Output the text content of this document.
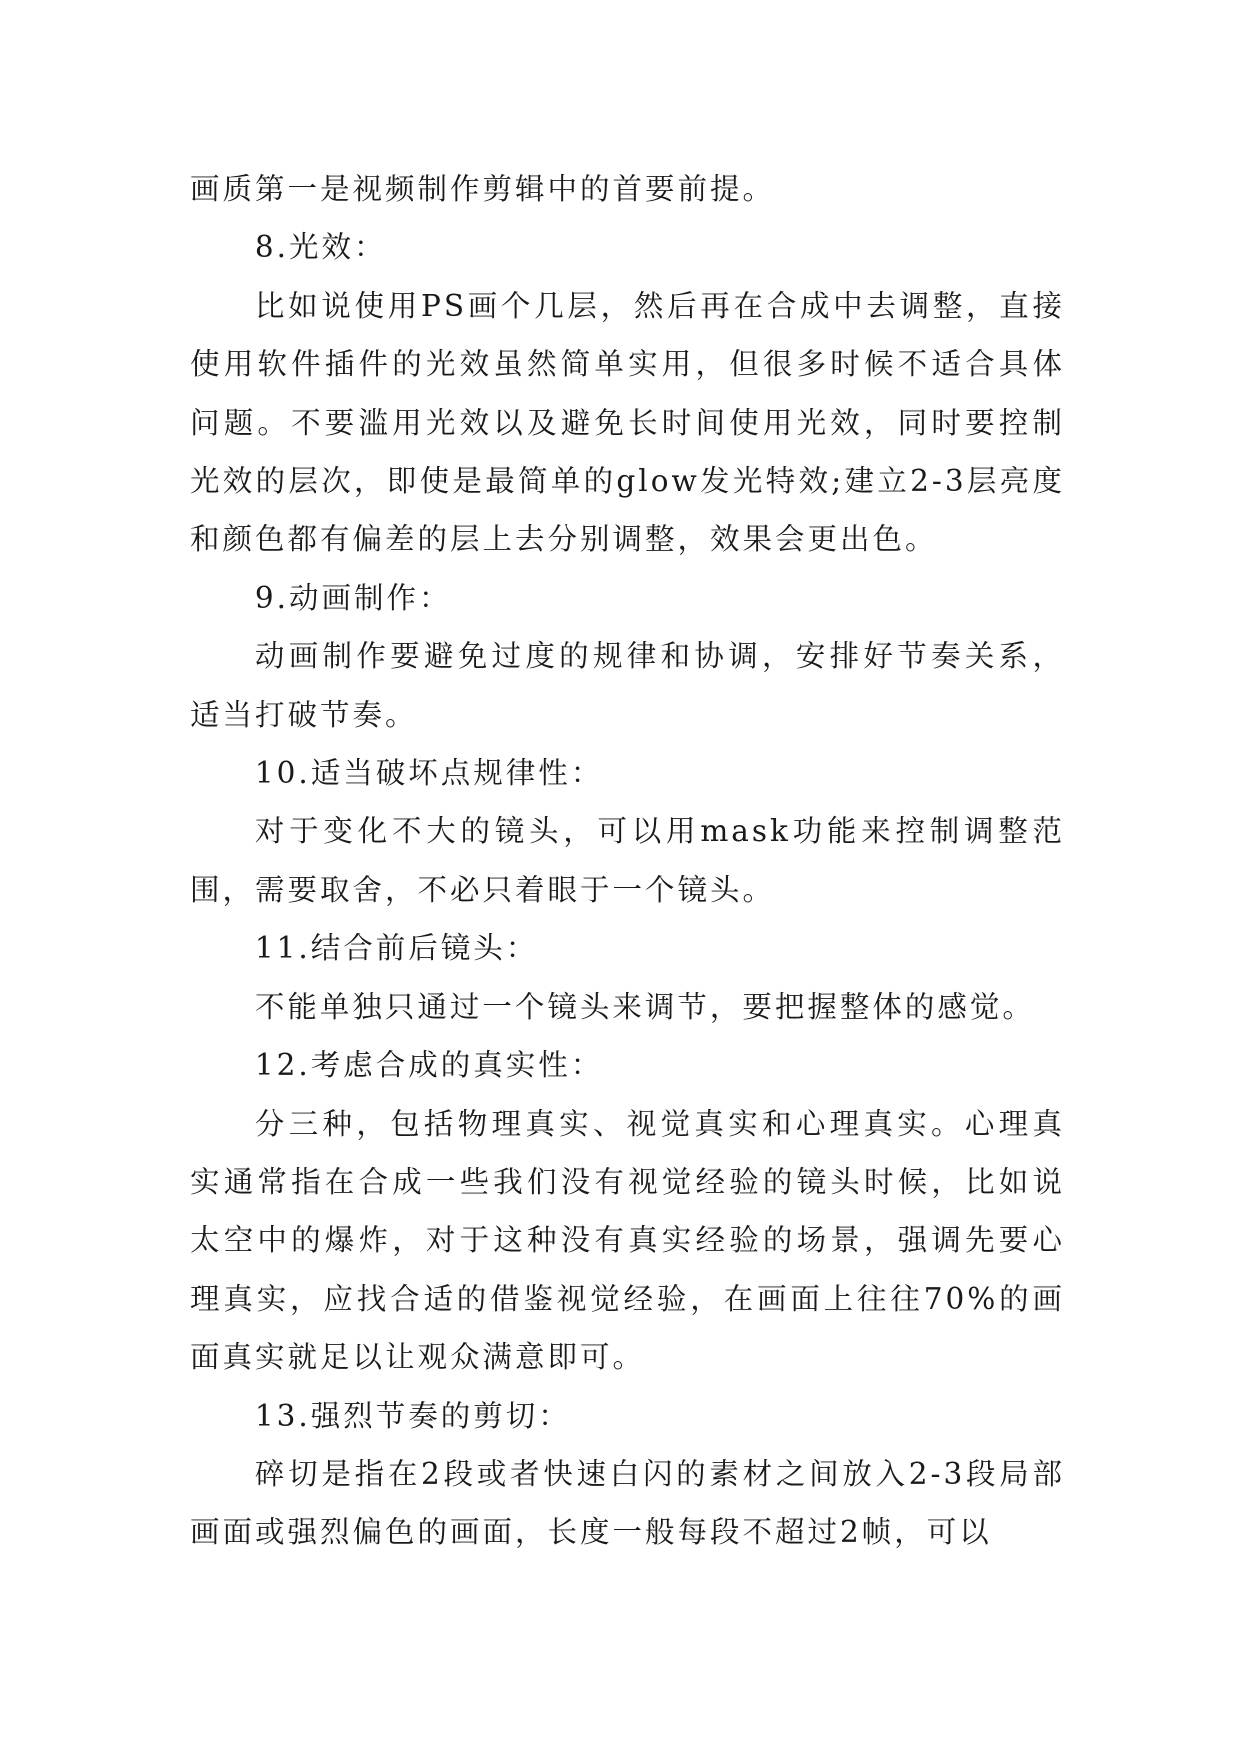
画质第一是视频制作剪辑中的首要前提。

8.光效：

比如说使用PS画个几层，然后再在合成中去调整，直接使用软件插件的光效虽然简单实用，但很多时候不适合具体问题。不要滥用光效以及避免长时间使用光效，同时要控制光效的层次，即使是最简单的glow发光特效;建立2-3层亮度和颜色都有偏差的层上去分别调整，效果会更出色。

9.动画制作：

动画制作要避免过度的规律和协调，安排好节奏关系，适当打破节奏。

10.适当破坏点规律性：

对于变化不大的镜头，可以用mask功能来控制调整范围，需要取舍，不必只着眼于一个镜头。

11.结合前后镜头：

不能单独只通过一个镜头来调节，要把握整体的感觉。

12.考虑合成的真实性：

分三种，包括物理真实、视觉真实和心理真实。心理真实通常指在合成一些我们没有视觉经验的镜头时候，比如说太空中的爆炸，对于这种没有真实经验的场景，强调先要心理真实，应找合适的借鉴视觉经验，在画面上往往70%的画面真实就足以让观众满意即可。

13.强烈节奏的剪切：

碎切是指在2段或者快速白闪的素材之间放入2-3段局部画面或强烈偏色的画面，长度一般每段不超过2帧，可以
